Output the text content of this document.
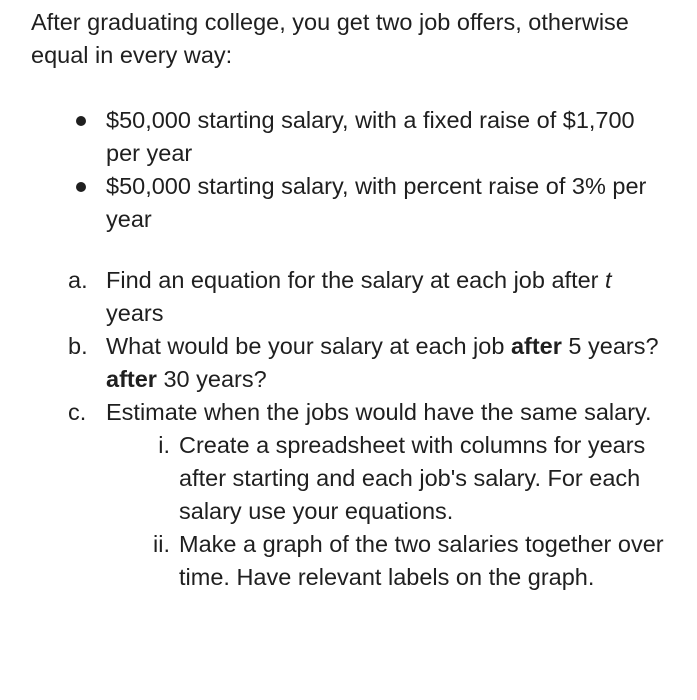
After graduating college, you get two job offers, otherwise equal in every way:

$50,000 starting salary, with a fixed raise of $1,700 per year
$50,000 starting salary, with percent raise of 3% per year
a. Find an equation for the salary at each job after t years
b. What would be your salary at each job after 5 years? after 30 years?
c. Estimate when the jobs would have the same salary.
i. Create a spreadsheet with columns for years after starting and each job's salary. For each salary use your equations.
ii. Make a graph of the two salaries together over time. Have relevant labels on the graph.
